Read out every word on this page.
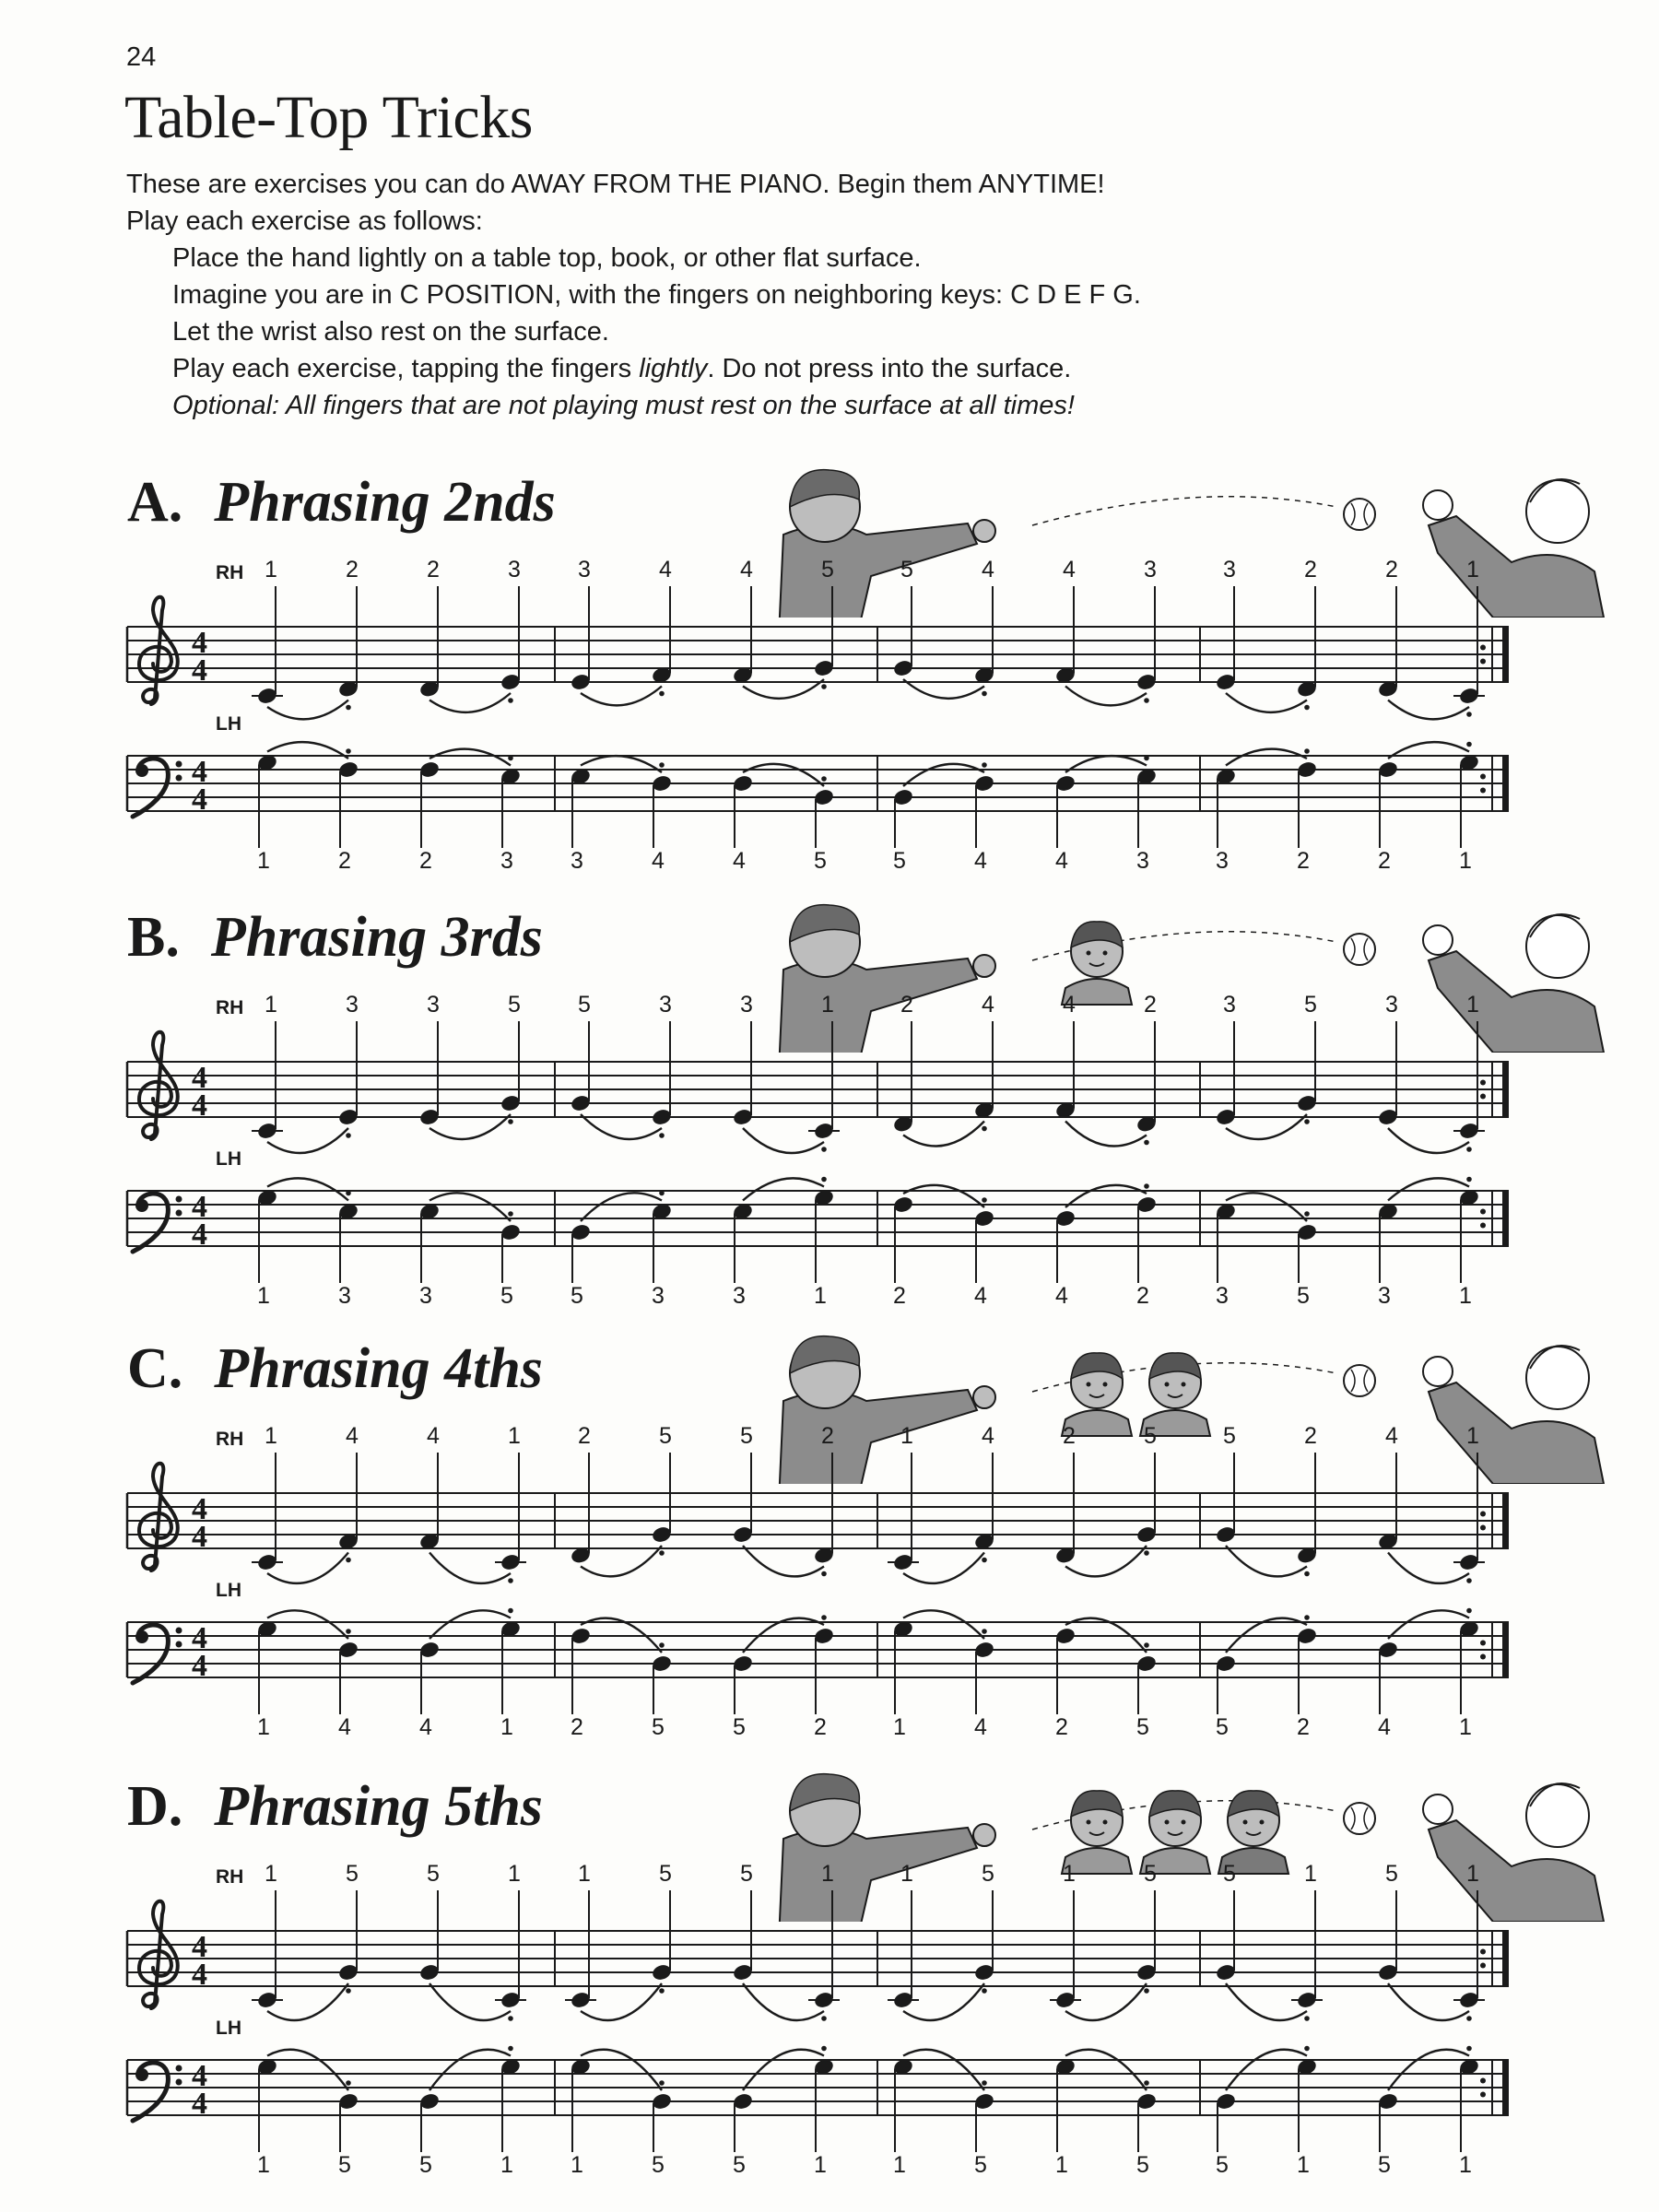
24
Table-Top Tricks

These are exercises you can do AWAY FROM THE PIANO. Begin them ANYTIME!

Play each exercise as follows:

Place the hand lightly on a table top, book, or other flat surface.

Imagine you are in C POSITION, with the fingers on neighboring keys: C D E F G.

Let the wrist also rest on the surface.

Play each exercise, tapping the fingers lightly. Do not press into the surface.

Optional: All fingers that are not playing must rest on the surface at all times!

A. Phrasing 2nds
RH
LH
4
4
4
4
1	2	2	3 3	4	4	5	5	4	4	3	3	2	2	1
1	2	2	3 3	4	4	5	5	4	4	3	3	2	2	1
B. Phrasing 3rds
RH
LH
4
4
4
4
1	3	3	5 5	3	3	1	2	4	4	2	3	5	3	1
1	3	3	5 5	3	3	1	2	4	4	2	3	5	3	1
C. Phrasing 4ths
RH
LH
4
4
4
4
1	4	4	1 2	5	5	2	1	4	2	5	5	2	4	1
1	4	4	1 2	5	5	2	1	4	2	5	5	2	4	1
D. Phrasing 5ths
RH
LH
4
4
4
4
1	5	5	1 1	5	5	1	1	5	1	5	5	1	5	1
1	5	5	1 1	5	5	1	1	5	1	5	5	1	5	1
